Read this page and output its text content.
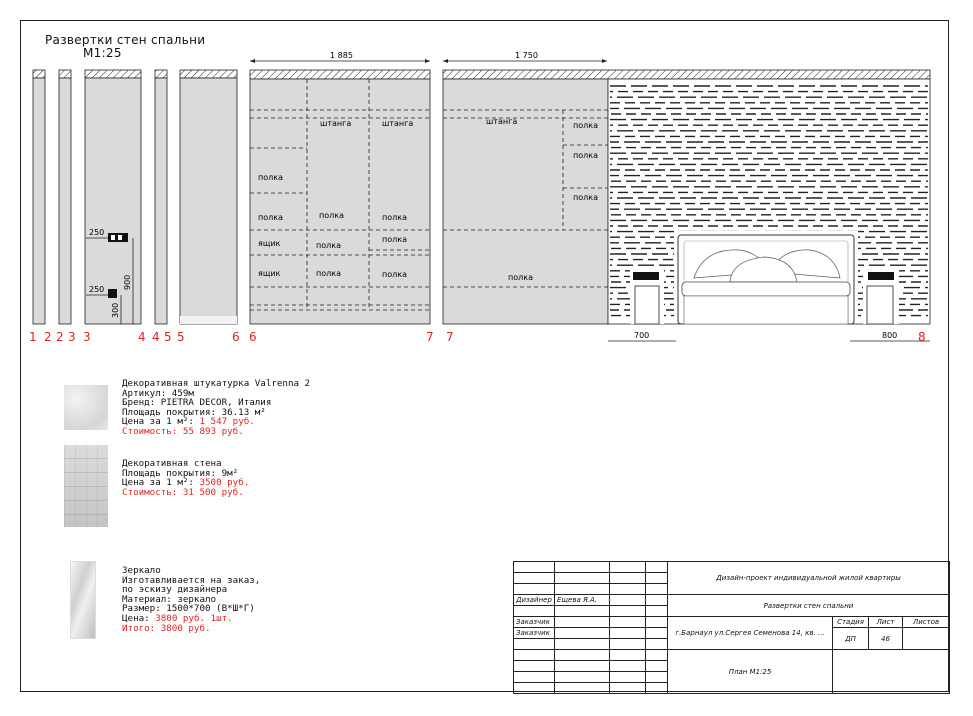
Развертки стен спальни
М1:25
250
250 900
300
1 885	1 750
штанга	штанга
полка
полка	полка	полка
полка
полка
полка	полка
ящик
ящик
штанга	полка
полка
полка
полка
700	800
1 2 2 3 3	4 4 5 5	6 6	7 7	8
Декоративная штукатурка Valrenna 2
Артикул: 459м
Бренд: PIETRA DECOR, Италия
Площадь покрытия: 36.13 м²
Цена за 1 м²: 1 547 руб.
Стоимость: 55 893 руб.
Декоративная стена
Площадь покрытия: 9м²
Цена за 1 м²: 3500 руб.
Стоимость: 31 500 руб.
Зеркало
Изготавливается на заказ,
по эскизу дизайнера
Материал: зеркало
Размер: 1500*700 (В*Ш*Г)
Цена: 3800 руб. 1шт.
Итого: 3800 руб.
				Дизайн-проект индивидуальной жилой квартиры			

Дизайнер	Ещева Я.А.			Развертки стен спальни			

Заказчик				г.Барнаул ул.Сергея Семенова 14, кв. ...	Стадия	Лист	Листов
Заказчик					ДП	46	

				План М1:25			
